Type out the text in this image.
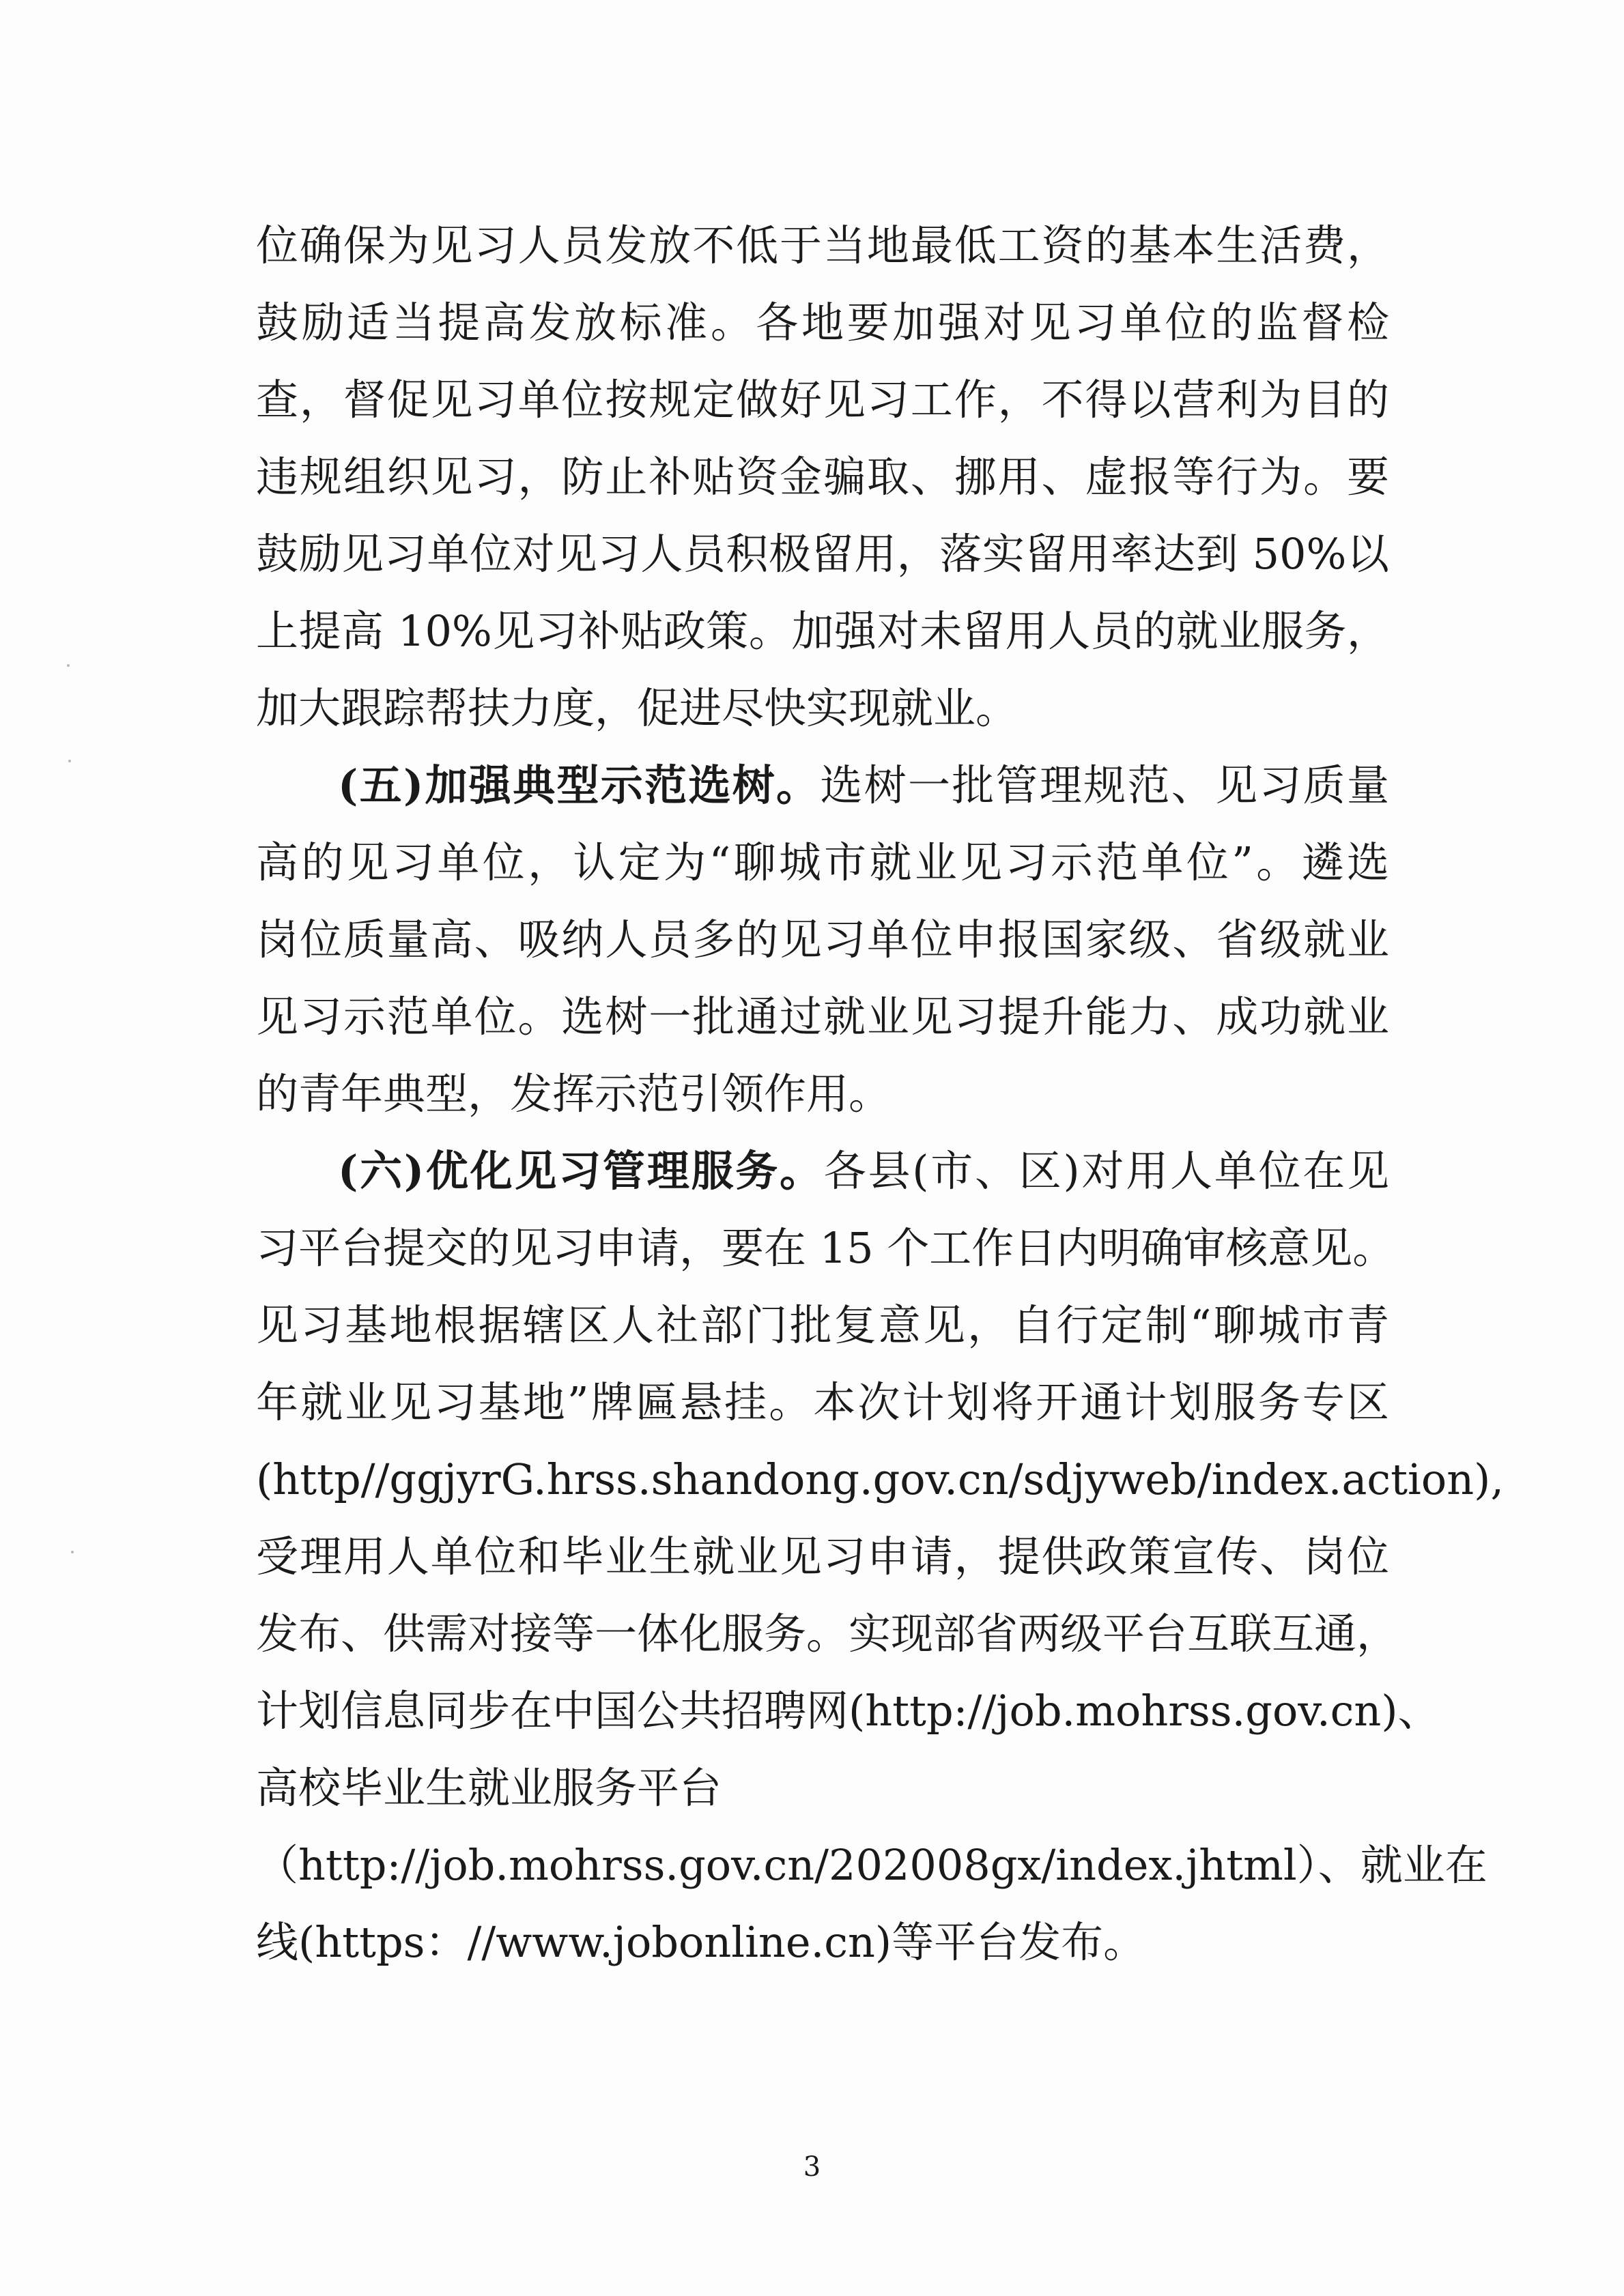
位确保为见习人员发放不低于当地最低工资的基本生活费，
鼓励适当提高发放标准。各地要加强对见习单位的监督检
查，督促见习单位按规定做好见习工作，不得以营利为目的
违规组织见习，防止补贴资金骗取、挪用、虚报等行为。要
鼓励见习单位对见习人员积极留用，落实留用率达到 50%以
上提高 10%见习补贴政策。加强对未留用人员的就业服务，
加大跟踪帮扶力度，促进尽快实现就业。
(五)加强典型示范选树。选树一批管理规范、见习质量
高的见习单位，认定为“聊城市就业见习示范单位”。遴选
岗位质量高、吸纳人员多的见习单位申报国家级、省级就业
见习示范单位。选树一批通过就业见习提升能力、成功就业
的青年典型，发挥示范引领作用。
(六)优化见习管理服务。各县(市、区)对用人单位在见
习平台提交的见习申请，要在 15 个工作日内明确审核意见。
见习基地根据辖区人社部门批复意见，自行定制“聊城市青
年就业见习基地”牌匾悬挂。本次计划将开通计划服务专区
(http//ggjyrG.hrss.shandong.gov.cn/sdjyweb/index.action),
受理用人单位和毕业生就业见习申请，提供政策宣传、岗位
发布、供需对接等一体化服务。实现部省两级平台互联互通，
计划信息同步在中国公共招聘网(http://job.mohrss.gov.cn)、
高校毕业生就业服务平台
（http://job.mohrss.gov.cn/202008gx/index.jhtml）、就业在
线(https：//www.jobonline.cn)等平台发布。
3
